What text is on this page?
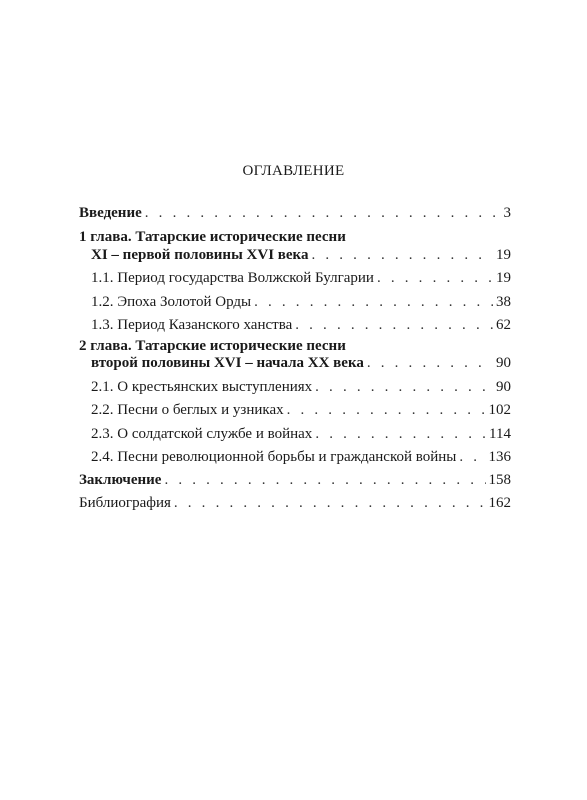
ОГЛАВЛЕНИЕ
Введение . . .	3
1 глава. Татарские исторические песни
XI – первой половины XVI века . . .	19
1.1. Период государства Волжской Булгарии . . .	19
1.2. Эпоха Золотой Орды . . .	38
1.3. Период Казанского ханства . . .	62
2 глава. Татарские исторические песни
второй половины XVI – начала XX века . . .	90
2.1. О крестьянских выступлениях . . .	90
2.2. Песни о беглых и узниках . . .	102
2.3. О солдатской службе и войнах . . .	114
2.4. Песни революционной борьбы и гражданской войны . . . 136
Заключение . . .	158
Библиография . . .	162
